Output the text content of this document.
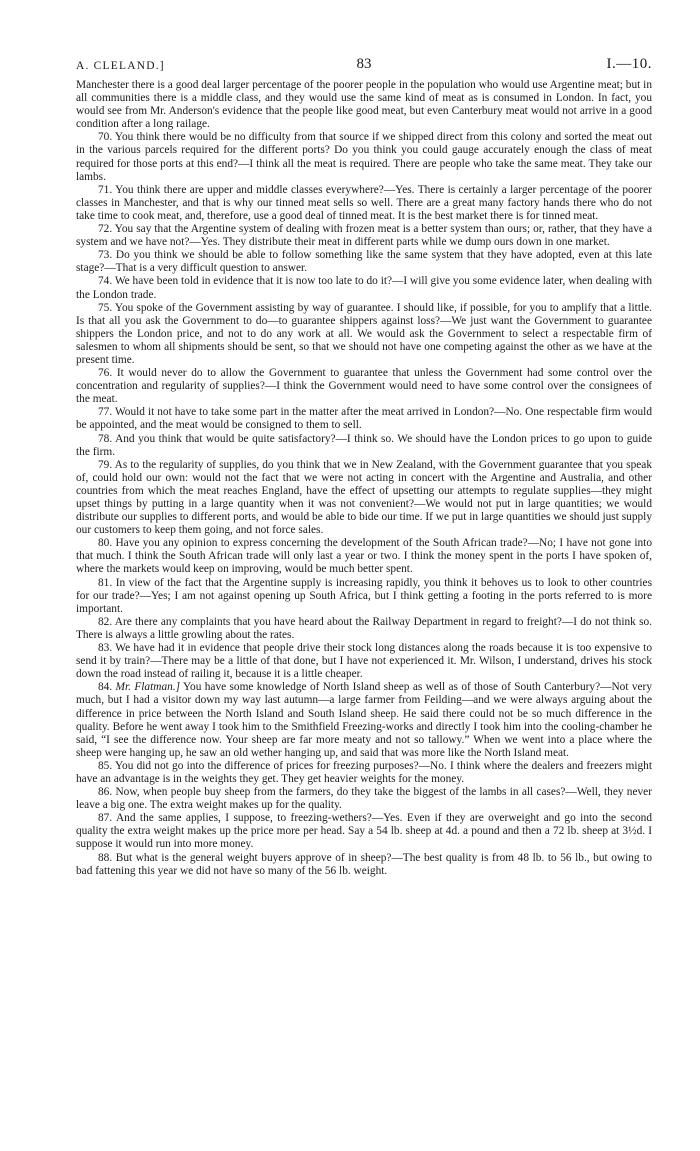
A. CLELAND.]	83	I.—10.

Manchester there is a good deal larger percentage of the poorer people in the population who would use Argentine meat; but in all communities there is a middle class, and they would use the same kind of meat as is consumed in London. In fact, you would see from Mr. Anderson's evidence that the people like good meat, but even Canterbury meat would not arrive in a good condition after a long railage.

70. You think there would be no difficulty from that source if we shipped direct from this colony and sorted the meat out in the various parcels required for the different ports? Do you think you could gauge accurately enough the class of meat required for those ports at this end?—I think all the meat is required. There are people who take the same meat. They take our lambs.

71. You think there are upper and middle classes everywhere?—Yes. There is certainly a larger percentage of the poorer classes in Manchester, and that is why our tinned meat sells so well. There are a great many factory hands there who do not take time to cook meat, and, therefore, use a good deal of tinned meat. It is the best market there is for tinned meat.

72. You say that the Argentine system of dealing with frozen meat is a better system than ours; or, rather, that they have a system and we have not?—Yes. They distribute their meat in different parts while we dump ours down in one market.

73. Do you think we should be able to follow something like the same system that they have adopted, even at this late stage?—That is a very difficult question to answer.

74. We have been told in evidence that it is now too late to do it?—I will give you some evidence later, when dealing with the London trade.

75. You spoke of the Government assisting by way of guarantee. I should like, if possible, for you to amplify that a little. Is that all you ask the Government to do—to guarantee shippers against loss?—We just want the Government to guarantee shippers the London price, and not to do any work at all. We would ask the Government to select a respectable firm of salesmen to whom all shipments should be sent, so that we should not have one competing against the other as we have at the present time.

76. It would never do to allow the Government to guarantee that unless the Government had some control over the concentration and regularity of supplies?—I think the Government would need to have some control over the consignees of the meat.

77. Would it not have to take some part in the matter after the meat arrived in London?—No. One respectable firm would be appointed, and the meat would be consigned to them to sell.

78. And you think that would be quite satisfactory?—I think so. We should have the London prices to go upon to guide the firm.

79. As to the regularity of supplies, do you think that we in New Zealand, with the Government guarantee that you speak of, could hold our own: would not the fact that we were not acting in concert with the Argentine and Australia, and other countries from which the meat reaches England, have the effect of upsetting our attempts to regulate supplies—they might upset things by putting in a large quantity when it was not convenient?—We would not put in large quantities; we would distribute our supplies to different ports, and would be able to bide our time. If we put in large quantities we should just supply our customers to keep them going, and not force sales.

80. Have you any opinion to express concerning the development of the South African trade?—No; I have not gone into that much. I think the South African trade will only last a year or two. I think the money spent in the ports I have spoken of, where the markets would keep on improving, would be much better spent.

81. In view of the fact that the Argentine supply is increasing rapidly, you think it behoves us to look to other countries for our trade?—Yes; I am not against opening up South Africa, but I think getting a footing in the ports referred to is more important.

82. Are there any complaints that you have heard about the Railway Department in regard to freight?—I do not think so. There is always a little growling about the rates.

83. We have had it in evidence that people drive their stock long distances along the roads because it is too expensive to send it by train?—There may be a little of that done, but I have not experienced it. Mr. Wilson, I understand, drives his stock down the road instead of railing it, because it is a little cheaper.

84. Mr. Flatman.] You have some knowledge of North Island sheep as well as of those of South Canterbury?—Not very much, but I had a visitor down my way last autumn—a large farmer from Feilding—and we were always arguing about the difference in price between the North Island and South Island sheep. He said there could not be so much difference in the quality. Before he went away I took him to the Smithfield Freezing-works and directly I took him into the cooling-chamber he said, “I see the difference now. Your sheep are far more meaty and not so tallowy.” When we went into a place where the sheep were hanging up, he saw an old wether hanging up, and said that was more like the North Island meat.

85. You did not go into the difference of prices for freezing purposes?—No. I think where the dealers and freezers might have an advantage is in the weights they get. They get heavier weights for the money.

86. Now, when people buy sheep from the farmers, do they take the biggest of the lambs in all cases?—Well, they never leave a big one. The extra weight makes up for the quality.

87. And the same applies, I suppose, to freezing-wethers?—Yes. Even if they are overweight and go into the second quality the extra weight makes up the price more per head. Say a 54 lb. sheep at 4d. a pound and then a 72 lb. sheep at 3½d. I suppose it would run into more money.

88. But what is the general weight buyers approve of in sheep?—The best quality is from 48 lb. to 56 lb., but owing to bad fattening this year we did not have so many of the 56 lb. weight.
